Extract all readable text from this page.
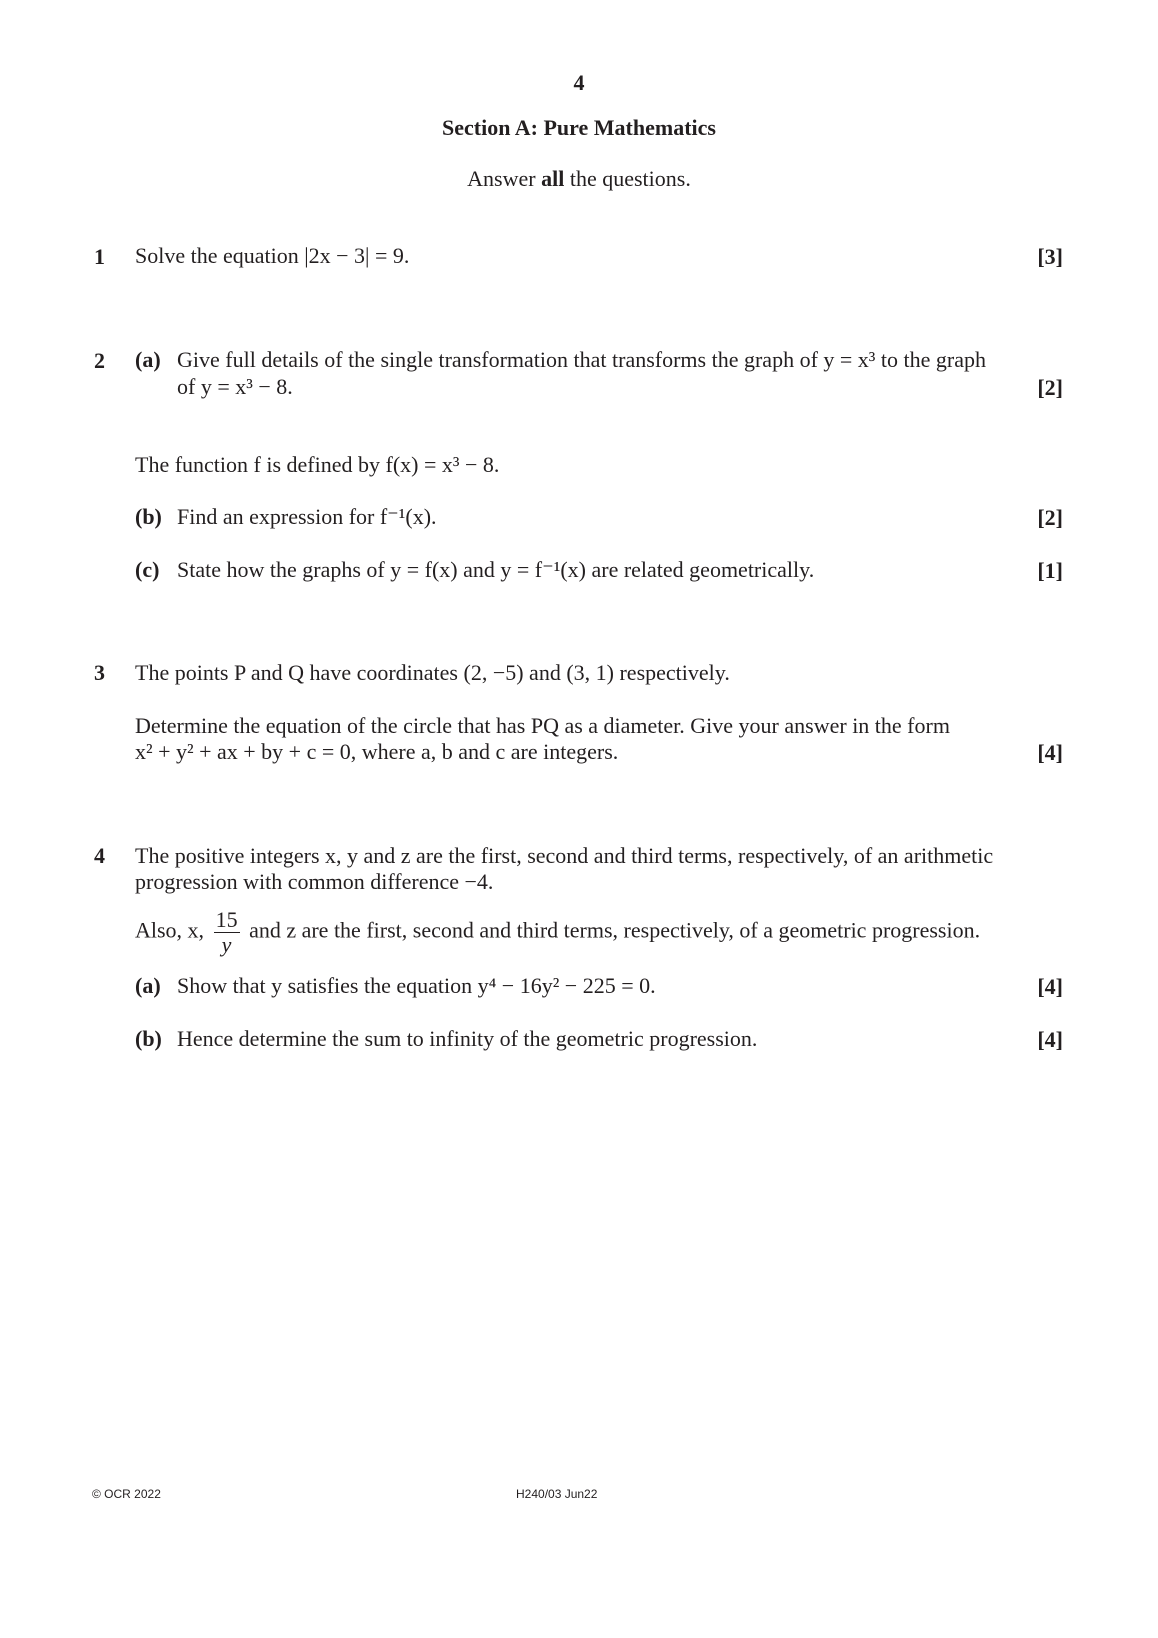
4
Section A: Pure Mathematics
Answer all the questions.
1 Solve the equation |2x − 3| = 9.	[3]
2 (a) Give full details of the single transformation that transforms the graph of y = x³ to the graph
of y = x³ − 8.	[2]
The function f is defined by f(x) = x³ − 8.
(b) Find an expression for f⁻¹(x).	[2]
(c) State how the graphs of y = f(x) and y = f⁻¹(x) are related geometrically.	[1]
3 The points P and Q have coordinates (2, −5) and (3, 1) respectively.
Determine the equation of the circle that has PQ as a diameter. Give your answer in the form
x² + y² + ax + by + c = 0, where a, b and c are integers.	[4]
4 The positive integers x, y and z are the first, second and third terms, respectively, of an arithmetic
progression with common difference −4.
Also, x, $\frac{15}{y}$ and z are the first, second and third terms, respectively, of a geometric progression.
(a) Show that y satisfies the equation y⁴ − 16y² − 225 = 0.	[4]
(b) Hence determine the sum to infinity of the geometric progression.	[4]
© OCR 2022	H240/03 Jun22
